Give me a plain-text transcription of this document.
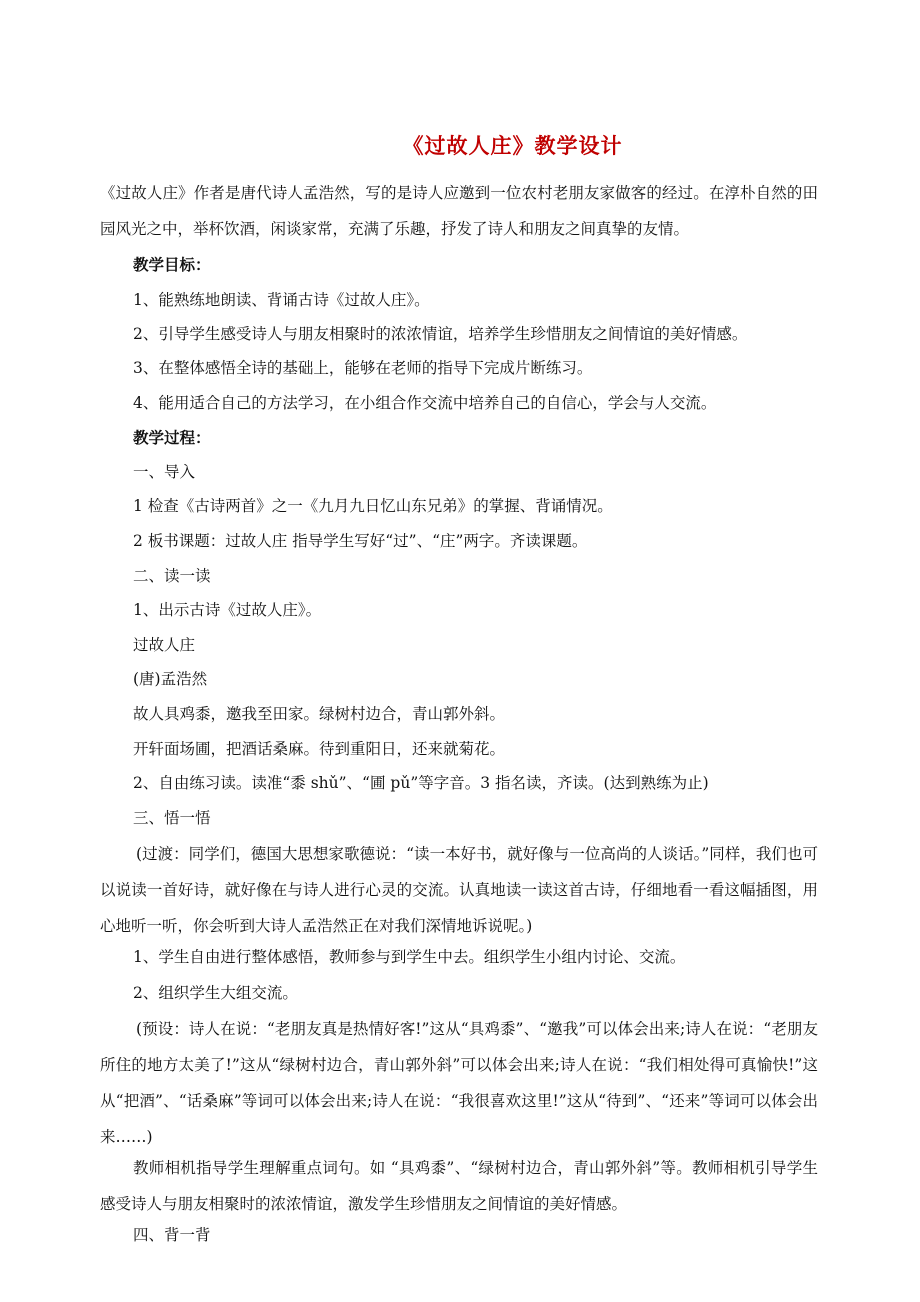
《过故人庄》教学设计
《过故人庄》作者是唐代诗人孟浩然，写的是诗人应邀到一位农村老朋友家做客的经过。在淳朴自然的田园风光之中，举杯饮酒，闲谈家常，充满了乐趣，抒发了诗人和朋友之间真挚的友情。
教学目标：
1、能熟练地朗读、背诵古诗《过故人庄》。
2、引导学生感受诗人与朋友相聚时的浓浓情谊，培养学生珍惜朋友之间情谊的美好情感。
3、在整体感悟全诗的基础上，能够在老师的指导下完成片断练习。
4、能用适合自己的方法学习，在小组合作交流中培养自己的自信心，学会与人交流。
教学过程：
一、导入
1 检查《古诗两首》之一《九月九日忆山东兄弟》的掌握、背诵情况。
2 板书课题：过故人庄 指导学生写好“过”、“庄”两字。齐读课题。
二、读一读
1、出示古诗《过故人庄》。
过故人庄
(唐)孟浩然
故人具鸡黍，邀我至田家。绿树村边合，青山郭外斜。
开轩面场圃，把酒话桑麻。待到重阳日，还来就菊花。
2、自由练习读。读准“黍 shǔ”、“圃 pǔ”等字音。3 指名读，齐读。(达到熟练为止)
三、悟一悟
(过渡：同学们，德国大思想家歌德说：“读一本好书，就好像与一位高尚的人谈话。”同样，我们也可以说读一首好诗，就好像在与诗人进行心灵的交流。认真地读一读这首古诗，仔细地看一看这幅插图，用心地听一听，你会听到大诗人孟浩然正在对我们深情地诉说呢。)
1、学生自由进行整体感悟，教师参与到学生中去。组织学生小组内讨论、交流。
2、组织学生大组交流。
(预设：诗人在说：“老朋友真是热情好客!”这从“具鸡黍”、“邀我”可以体会出来;诗人在说：“老朋友所住的地方太美了!”这从“绿树村边合，青山郭外斜”可以体会出来;诗人在说：“我们相处得可真愉快!”这从“把酒”、“话桑麻”等词可以体会出来;诗人在说：“我很喜欢这里!”这从“待到”、“还来”等词可以体会出来……)
教师相机指导学生理解重点词句。如 “具鸡黍”、“绿树村边合，青山郭外斜”等。教师相机引导学生感受诗人与朋友相聚时的浓浓情谊，激发学生珍惜朋友之间情谊的美好情感。
四、背一背
